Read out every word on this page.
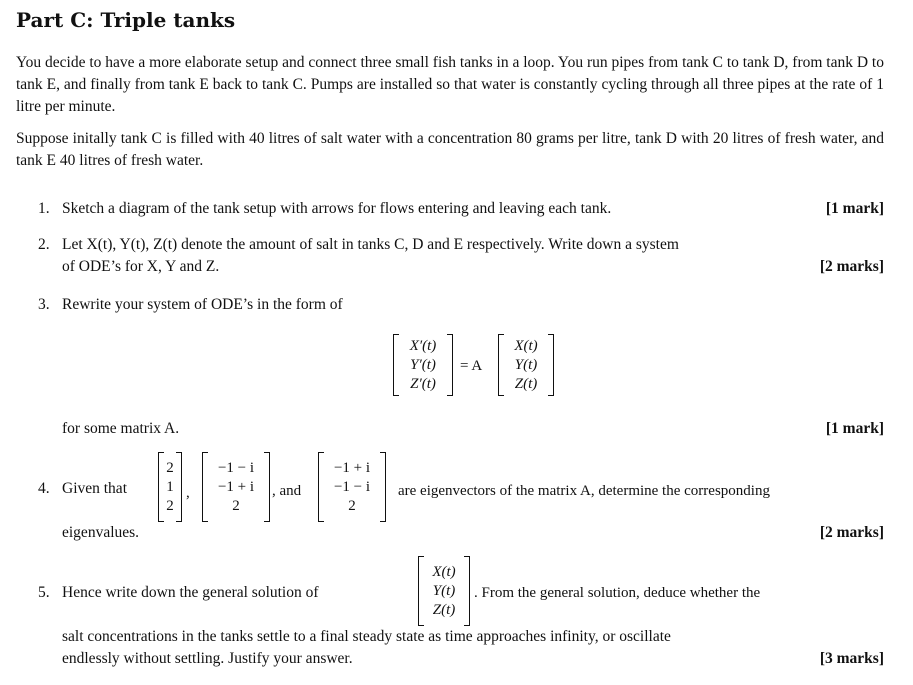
Part C: Triple tanks
You decide to have a more elaborate setup and connect three small fish tanks in a loop. You run pipes from tank C to tank D, from tank D to tank E, and finally from tank E back to tank C. Pumps are installed so that water is constantly cycling through all three pipes at the rate of 1 litre per minute.
Suppose initally tank C is filled with 40 litres of salt water with a concentration 80 grams per litre, tank D with 20 litres of fresh water, and tank E 40 litres of fresh water.
1. Sketch a diagram of the tank setup with arrows for flows entering and leaving each tank.	[1 mark]
2. Let X(t), Y(t), Z(t) denote the amount of salt in tanks C, D and E respectively. Write down a system
of ODE’s for X, Y and Z.	[2 marks]
3. Rewrite your system of ODE’s in the form of
X′(t)
Y′(t)
Z′(t)
= A
X(t)
Y(t)
Z(t)
for some matrix A.	[1 mark]
4. Given that
2
1
2
,
−1 − i
−1 + i
2
, and
−1 + i
−1 − i
2
are eigenvectors of the matrix A, determine the corresponding
eigenvalues.	[2 marks]
5. Hence write down the general solution of
X(t)
Y(t)
Z(t)
. From the general solution, deduce whether the
salt concentrations in the tanks settle to a final steady state as time approaches infinity, or oscillate
endlessly without settling. Justify your answer.	[3 marks]
